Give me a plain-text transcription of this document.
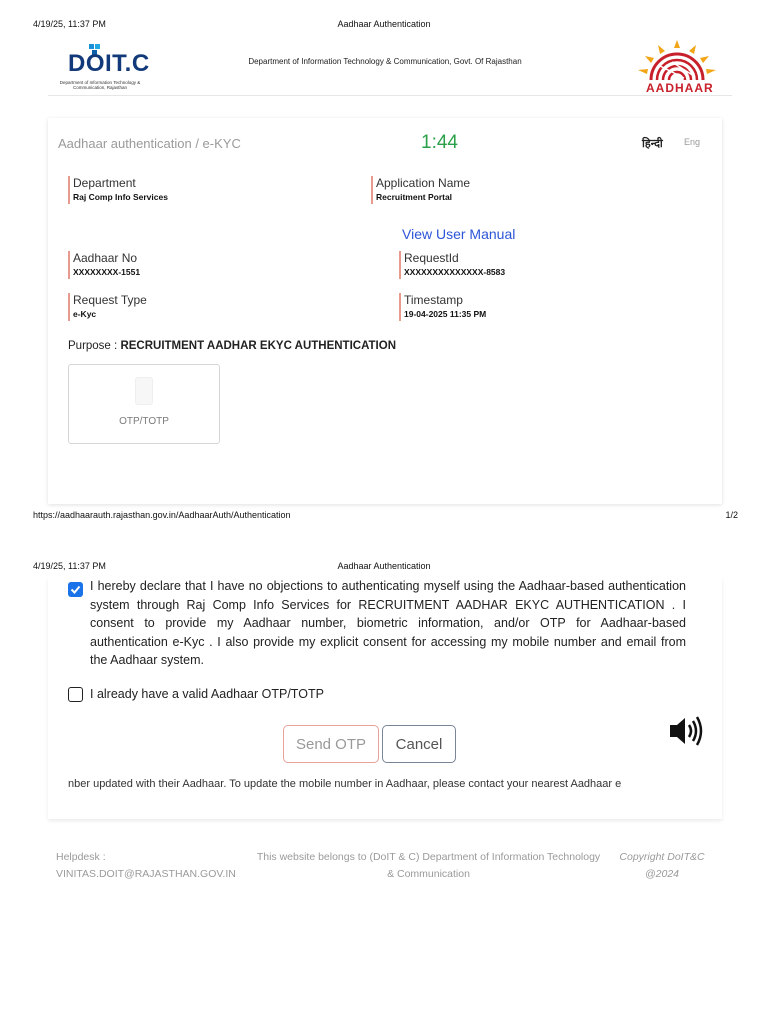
4/19/25, 11:37 PM	Aadhaar Authentication
DOIT.C
Department of Information Technology & Communication, Rajasthan
Department of Information Technology & Communication, Govt. Of Rajasthan
AADHAAR
Aadhaar authentication / e-KYC	1:44	हिन्दी Eng
Department
Raj Comp Info Services
Application Name
Recruitment Portal
View User Manual
Aadhaar No
XXXXXXXX-1551
RequestId
XXXXXXXXXXXXXX-8583
Request Type
e-Kyc
Timestamp
19-04-2025 11:35 PM
Purpose : RECRUITMENT AADHAR EKYC AUTHENTICATION
OTP/TOTP
https://aadhaarauth.rajasthan.gov.in/AadhaarAuth/Authentication	1/2
4/19/25, 11:37 PM	Aadhaar Authentication
I hereby declare that I have no objections to authenticating myself using the Aadhaar-based authentication system through Raj Comp Info Services for RECRUITMENT AADHAR EKYC AUTHENTICATION . I consent to provide my Aadhaar number, biometric information, and/or OTP for Aadhaar-based authentication e-Kyc . I also provide my explicit consent for accessing my mobile number and email from the Aadhaar system.
I already have a valid Aadhaar OTP/TOTP
Send OTP	Cancel
nber updated with their Aadhaar. To update the mobile number in Aadhaar, please contact your nearest Aadhaar e
Helpdesk :
VINITAS.DOIT@RAJASTHAN.GOV.IN
This website belongs to (DoIT & C) Department of Information Technology & Communication
Copyright DoIT&C @2024
